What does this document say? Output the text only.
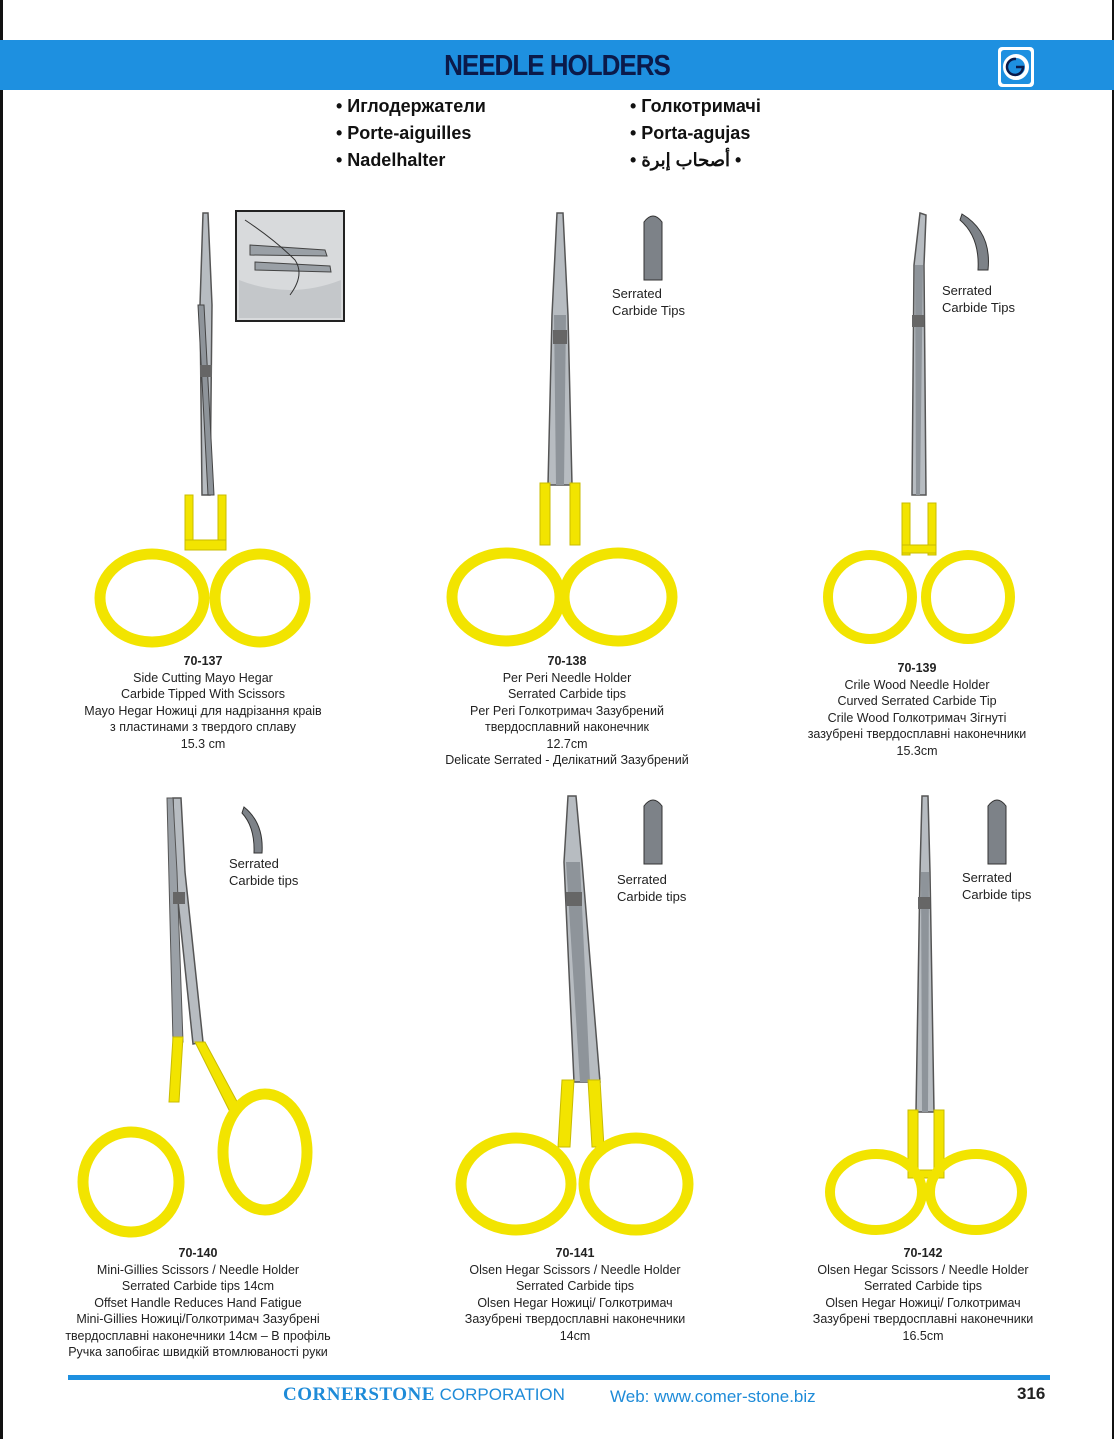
NEEDLE HOLDERS
• Иглодержатели
• Porte-aiguilles
• Nadelhalter
• Голкотримачі
• Porta-agujas
• أصحاب إبرة •
Serrated
Carbide Tips
Serrated
Carbide Tips
70-137
Side Cutting Mayo Hegar
Carbide Tipped With Scissors
Mayo Hegar Ножиці для надрізання краів
з пластинами з твердого сплаву
15.3 cm
70-138
Per Peri Needle Holder
Serrated Carbide tips
Per Peri Голкотримач Зазубрений
твердосплавний наконечник
12.7cm
Delicate Serrated - Делікатний Зазубрений
70-139
Crile Wood Needle Holder
Curved Serrated Carbide Tip
Crile Wood Голкотримач Зігнуті
зазубрені твердосплавні наконечники
15.3cm
Serrated
Carbide tips	Serrated
Carbide tips
Serrated
Carbide tips
70-140
Mini-Gillies Scissors / Needle Holder
Serrated Carbide tips 14cm
Offset Handle Reduces Hand Fatigue
Mini-Gillies Ножиці/Голкотримач Зазубрені
твердосплавні наконечники 14см – В профіль
Ручка запобігає швидкій втомлюваності руки
70-141
Olsen Hegar Scissors / Needle Holder
Serrated Carbide tips
Olsen Hegar Ножиці/ Голкотримач
Зазубрені твердосплавні наконечники
14cm
70-142
Olsen Hegar Scissors / Needle Holder
Serrated Carbide tips
Olsen Hegar Ножиці/ Голкотримач
Зазубрені твердосплавні наконечники
16.5cm
CORNERSTONE CORPORATION	Web: www.comer-stone.biz	316
